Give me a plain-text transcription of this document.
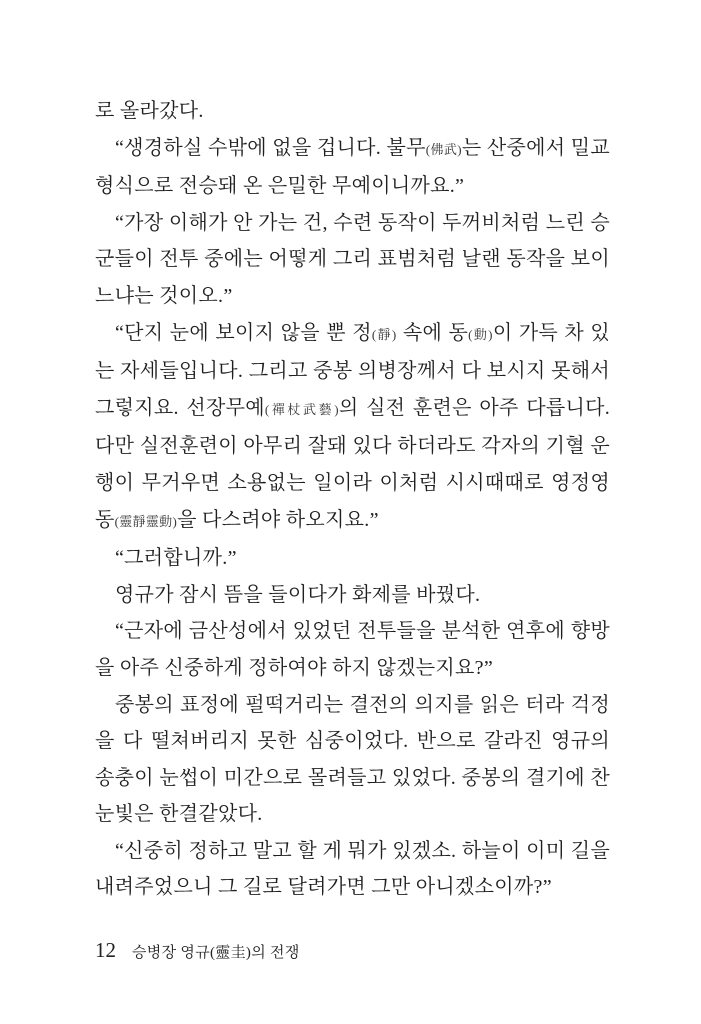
로 올라갔다.

“생경하실 수밖에 없을 겁니다. 불무(佛武)는 산중에서 밀교 형식으로 전승돼 온 은밀한 무예이니까요.”

“가장 이해가 안 가는 건, 수련 동작이 두꺼비처럼 느린 승군들이 전투 중에는 어떻게 그리 표범처럼 날랜 동작을 보이느냐는 것이오.”

“단지 눈에 보이지 않을 뿐 정(靜) 속에 동(動)이 가득 차 있는 자세들입니다. 그리고 중봉 의병장께서 다 보시지 못해서 그렇지요. 선장무예(禪杖武藝)의 실전 훈련은 아주 다릅니다. 다만 실전훈련이 아무리 잘돼 있다 하더라도 각자의 기혈 운행이 무거우면 소용없는 일이라 이처럼 시시때때로 영정영동(靈靜靈動)을 다스려야 하오지요.”

“그러합니까.”

영규가 잠시 뜸을 들이다가 화제를 바꿨다.

“근자에 금산성에서 있었던 전투들을 분석한 연후에 향방을 아주 신중하게 정하여야 하지 않겠는지요?”

중봉의 표정에 펄떡거리는 결전의 의지를 읽은 터라 걱정을 다 떨쳐버리지 못한 심중이었다. 반으로 갈라진 영규의 송충이 눈썹이 미간으로 몰려들고 있었다. 중봉의 결기에 찬 눈빛은 한결같았다.

“신중히 정하고 말고 할 게 뭐가 있겠소. 하늘이 이미 길을 내려주었으니 그 길로 달려가면 그만 아니겠소이까?”

12 승병장 영규(靈圭)의 전쟁
